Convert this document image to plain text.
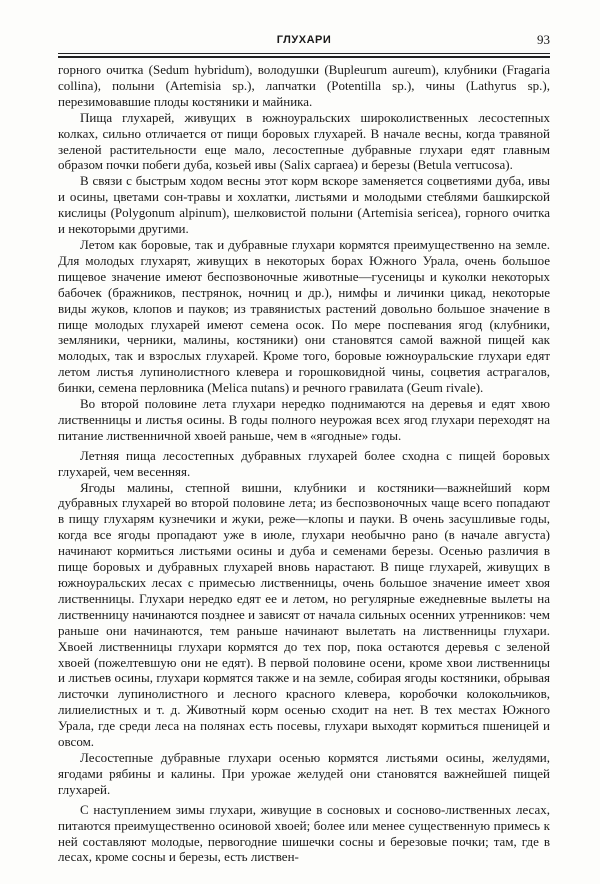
ГЛУХАРИ	93

горного очитка (Sedum hybridum), володушки (Bupleurum aureum), клубники (Fragaria collina), полыни (Artemisia sp.), лапчатки (Potentilla sp.), чины (Lathyrus sp.), перезимовавшие плоды костяники и майника.

Пища глухарей, живущих в южноуральских широколиственных лесостепных колках, сильно отличается от пищи боровых глухарей. В начале весны, когда травяной зеленой растительности еще мало, лесостепные дубравные глухари едят главным образом почки побеги дуба, козьей ивы (Salix caprаea) и березы (Betula verrucosa).

В связи с быстрым ходом весны этот корм вскоре заменяется соцветиями дуба, ивы и осины, цветами сон-травы и хохлатки, листьями и молодыми стеблями башкирской кислицы (Polygonum alpinum), шелковистой полыни (Artemisia sericea), горного очитка и некоторыми другими.

Летом как боровые, так и дубравные глухари кормятся преимущественно на земле. Для молодых глухарят, живущих в некоторых борах Южного Урала, очень большое пищевое значение имеют беспозвоночные животные—гусеницы и куколки некоторых бабочек (бражников, пестрянок, ночниц и др.), нимфы и личинки цикад, некоторые виды жуков, клопов и пауков; из травянистых растений довольно большое значение в пище молодых глухарей имеют семена осок. По мере поспевания ягод (клубники, земляники, черники, малины, костяники) они становятся самой важной пищей как молодых, так и взрослых глухарей. Кроме того, боровые южноуральские глухари едят летом листья лупинолистного клевера и горошковидной чины, соцветия астрагалов, бинки, семена перловника (Melica nutans) и речного гравилата (Geum rivale).

Во второй половине лета глухари нередко поднимаются на деревья и едят хвою лиственницы и листья осины. В годы полного неурожая всех ягод глухари переходят на питание лиственничной хвоей раньше, чем в «ягодные» годы.

Летняя пища лесостепных дубравных глухарей более сходна с пищей боровых глухарей, чем весенняя.

Ягоды малины, степной вишни, клубники и костяники—важнейший корм дубравных глухарей во второй половине лета; из беспозвоночных чаще всего попадают в пищу глухарям кузнечики и жуки, реже—клопы и пауки. В очень засушливые годы, когда все ягоды пропадают уже в июле, глухари необычно рано (в начале августа) начинают кормиться листьями осины и дуба и семенами березы. Осенью различия в пище боровых и дубравных глухарей вновь нарастают. В пище глухарей, живущих в южноуральских лесах с примесью лиственницы, очень большое значение имеет хвоя лиственницы. Глухари нередко едят ее и летом, но регулярные ежедневные вылеты на лиственницу начинаются позднее и зависят от начала сильных осенних утренников: чем раньше они начинаются, тем раньше начинают вылетать на лиственницы глухари. Хвоей лиственницы глухари кормятся до тех пор, пока остаются деревья с зеленой хвоей (пожелтевшую они не едят). В первой половине осени, кроме хвои лиственницы и листьев осины, глухари кормятся также и на земле, собирая ягоды костяники, обрывая листочки лупинолистного и лесного красного клевера, коробочки колокольчиков, лилиелистных и т. д. Животный корм осенью сходит на нет. В тех местах Южного Урала, где среди леса на полянах есть посевы, глухари выходят кормиться пшеницей и овсом.

Лесостепные дубравные глухари осенью кормятся листьями осины, желудями, ягодами рябины и калины. При урожае желудей они становятся важнейшей пищей глухарей.

С наступлением зимы глухари, живущие в сосновых и сосново-лиственных лесах, питаются преимущественно осиновой хвоей; более или менее существенную примесь к ней составляют молодые, первогодние шишечки сосны и березовые почки; там, где в лесах, кроме сосны и березы, есть листвен-
